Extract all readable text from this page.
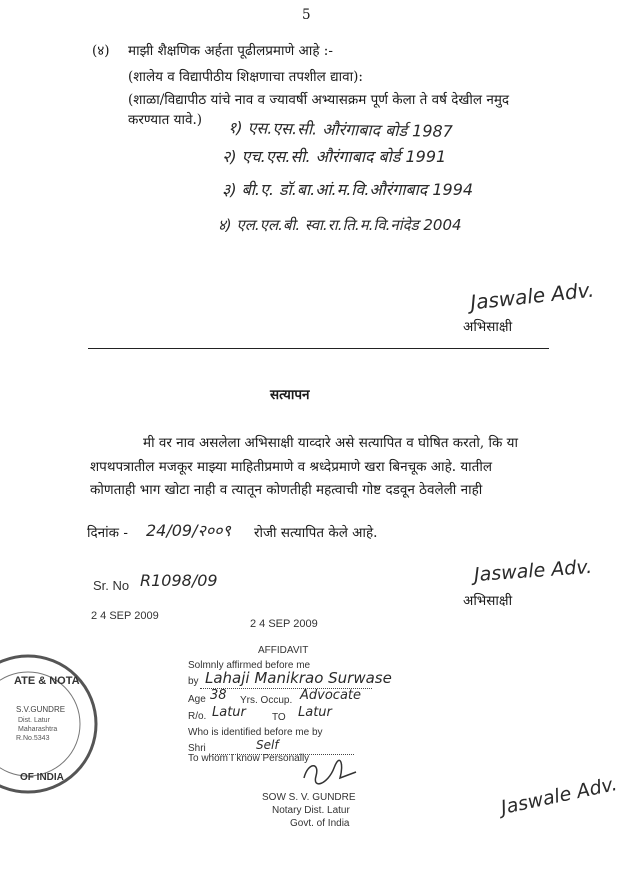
5
(४) माझी शैक्षणिक अर्हता पूढीलप्रमाणे आहे :-
(शालेय व विद्यापीठीय शिक्षणाचा तपशील द्यावा):
(शाळा/विद्यापीठ यांचे नाव व ज्यावर्षी अभ्यासक्रम पूर्ण केला ते वर्ष देखील नमुद
करण्यात यावे.) १) एस.एस.सी. औरंगाबाद बोर्ड 1987
२) एच.एस.सी. औरंगाबाद बोर्ड 1991
३) बी.ए. डॉ.बा.आं.म.वि.औरंगाबाद 1994
४) एल.एल.बी. स्वा.रा.ति.म.वि.नांदेड 2004
Jaswale Adv.
अभिसाक्षी
सत्यापन
मी वर नाव असलेला अभिसाक्षी याव्दारे असे सत्यापित व घोषित करतो, कि या
शपथपत्रातील मजकूर माझ्या माहितीप्रमाणे व श्रध्देप्रमाणे खरा बिनचूक आहे. यातील
कोणताही भाग खोटा नाही व त्यातून कोणतीही महत्वाची गोष्ट दडवून ठेवलेली नाही
दिनांक - 24/09/२००९ रोजी सत्यापित केले आहे.
Jaswale Adv.
अभिसाक्षी
Sr. No R1098/09
2 4 SEP 2009
2 4 SEP 2009
ATE & NOTA
S.V.GUNDRE
Dist. Latur
Maharashtra
R.No.5343
OF INDIA
AFFIDAVIT
Solmnly affirmed before me
by Lahaji Manikrao Surwase
Age 38 Yrs. Occup. Advocate
R/o. Latur	TO Latur
Who is identified before me by
Shri	Self
To whom I know Personally
SOW S. V. GUNDRE
Notary Dist. Latur
Govt. of India
Jaswale Adv.
